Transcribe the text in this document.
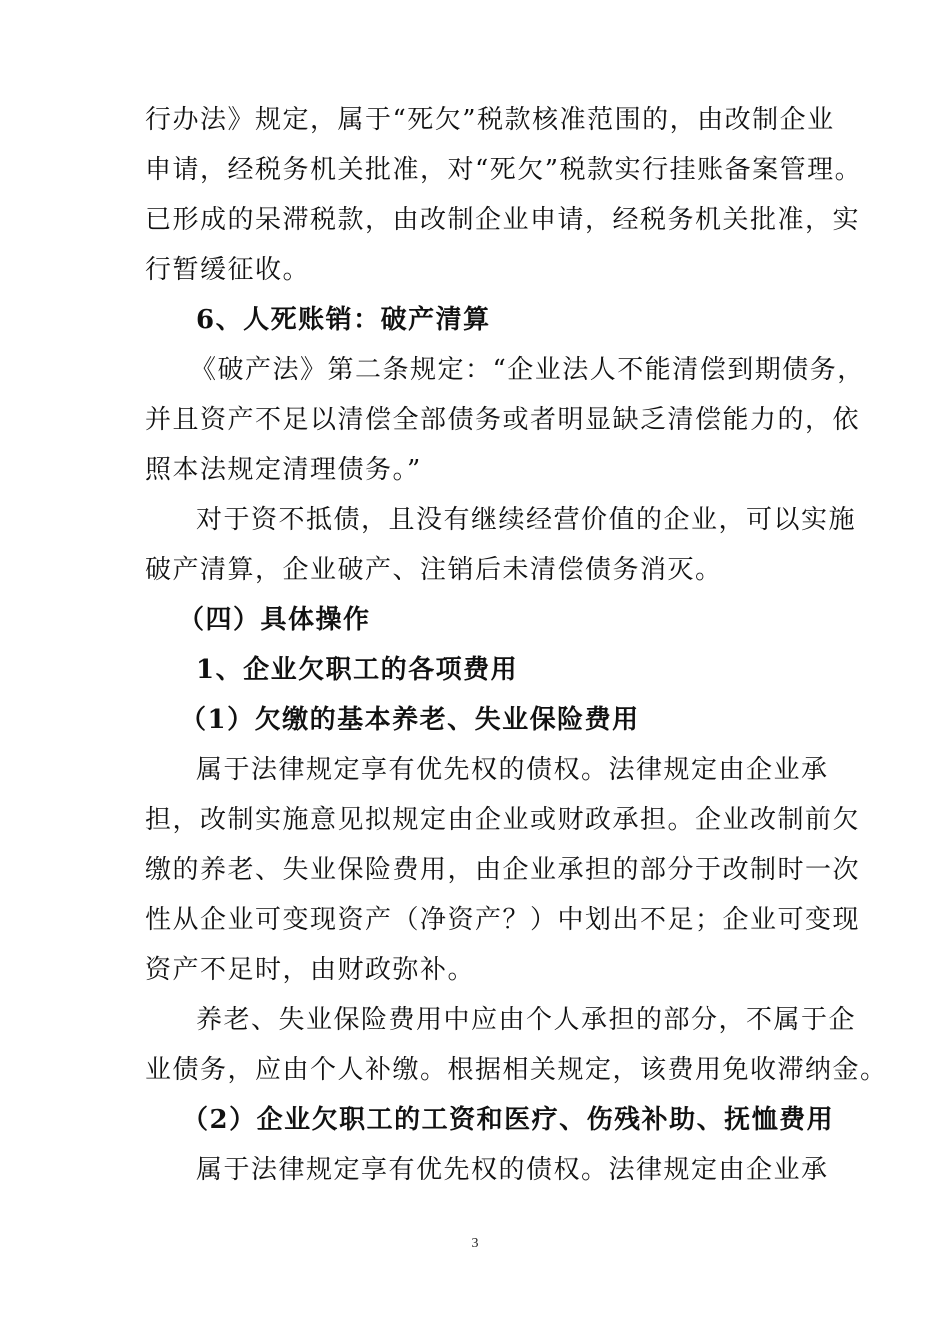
行办法》规定，属于“死欠”税款核准范围的，由改制企业
申请，经税务机关批准，对“死欠”税款实行挂账备案管理。
已形成的呆滞税款，由改制企业申请，经税务机关批准，实
行暂缓征收。
6、人死账销：破产清算
《破产法》第二条规定：“企业法人不能清偿到期债务，
并且资产不足以清偿全部债务或者明显缺乏清偿能力的，依
照本法规定清理债务。”
对于资不抵债，且没有继续经营价值的企业，可以实施
破产清算，企业破产、注销后未清偿债务消灭。
（四）具体操作
1、企业欠职工的各项费用
（1）欠缴的基本养老、失业保险费用
属于法律规定享有优先权的债权。法律规定由企业承
担，改制实施意见拟规定由企业或财政承担。企业改制前欠
缴的养老、失业保险费用，由企业承担的部分于改制时一次
性从企业可变现资产（净资产？）中划出不足；企业可变现
资产不足时，由财政弥补。
养老、失业保险费用中应由个人承担的部分，不属于企
业债务，应由个人补缴。根据相关规定，该费用免收滞纳金。
（2）企业欠职工的工资和医疗、伤残补助、抚恤费用
属于法律规定享有优先权的债权。法律规定由企业承
3
